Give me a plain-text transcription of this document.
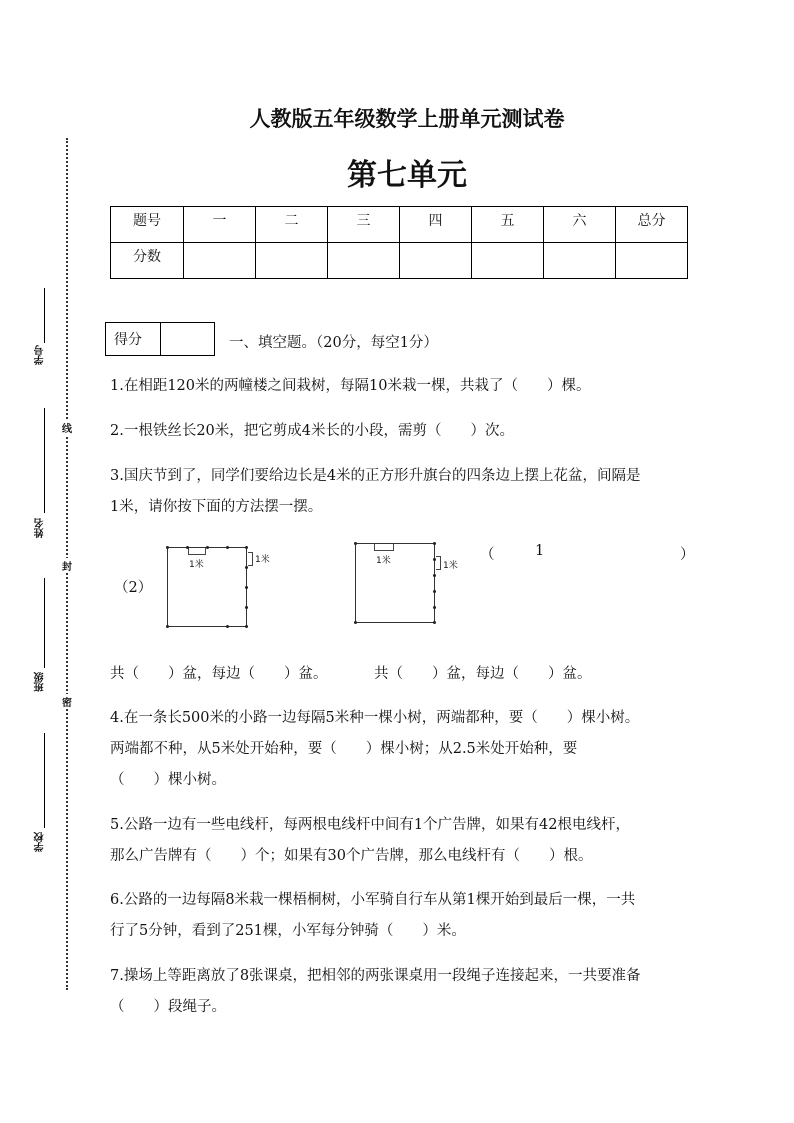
学号
姓名
班级
学校
线
封
密
人教版五年级数学上册单元测试卷
第七单元
题号	一	二	三	四	五	六	总分
分数							
得分	一、填空题。（20分，每空1分）
1.在相距120米的两幢楼之间栽树，每隔10米栽一棵，共栽了（　　）棵。
2.一根铁丝长20米，把它剪成4米长的小段，需剪（　　）次。
3.国庆节到了，同学们要给边长是4米的正方形升旗台的四条边上摆上花盆，间隔是
1米，请你按下面的方法摆一摆。
（2）
（	1	）
1米	1米	1米	1米
共（　　）盆，每边（　　）盆。	共（　　）盆，每边（　　）盆。
4.在一条长500米的小路一边每隔5米种一棵小树，两端都种，要（　　）棵小树。
两端都不种，从5米处开始种，要（　　）棵小树；从2.5米处开始种，要
（　　）棵小树。
5.公路一边有一些电线杆，每两根电线杆中间有1个广告牌，如果有42根电线杆，
那么广告牌有（　　）个；如果有30个广告牌，那么电线杆有（　　）根。
6.公路的一边每隔8米栽一棵梧桐树，小军骑自行车从第1棵开始到最后一棵，一共
行了5分钟，看到了251棵，小军每分钟骑（　　）米。
7.操场上等距离放了8张课桌，把相邻的两张课桌用一段绳子连接起来，一共要准备
（　　）段绳子。
